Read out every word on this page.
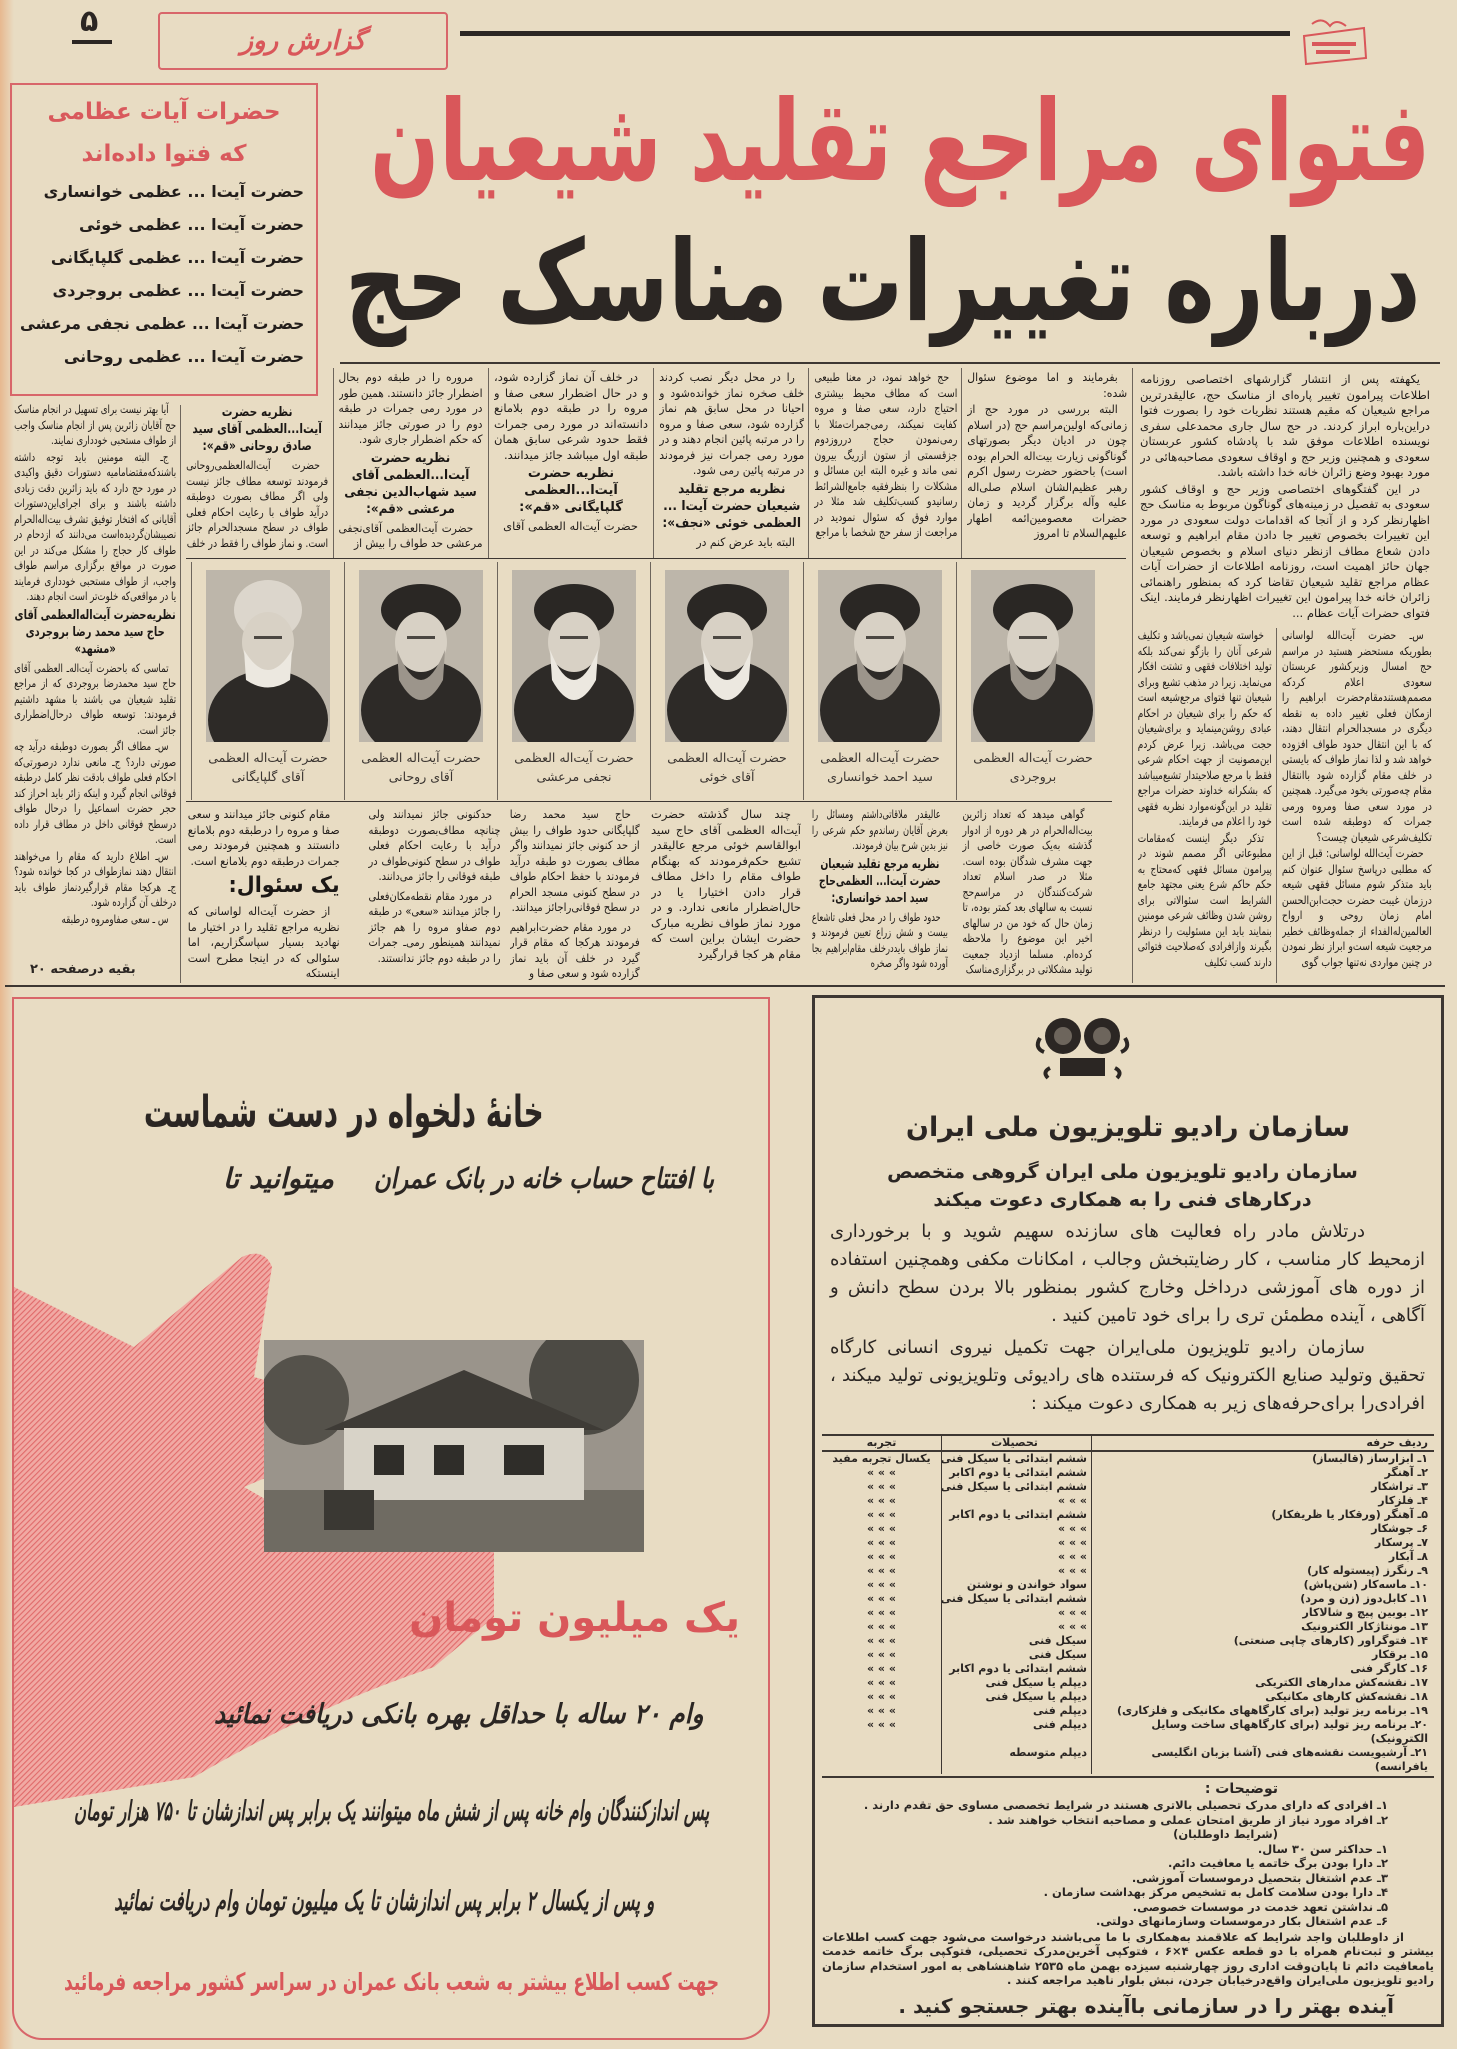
۵
گزارش روز
فتوای مراجع تقلید شیعیان
درباره تغییرات مناسک حج
حضرات آیات عظامی
که فتوا داده‌اند
حضرت آیت‌ا ... عظمی خوانساری
حضرت آیت‌ا ... عظمی خوئی
حضرت آیت‌ا ... عظمی گلپایگانی
حضرت آیت‌ا ... عظمی بروجردی
حضرت آیت‌ا ... عظمی نجفی مرعشی
حضرت آیت‌ا ... عظمی روحانی

یکهفته پس از انتشار گزارشهای اختصاصی روزنامه اطلاعات پیرامون تغییر پاره‌ای از مناسک حج، عالیقدرترین مراجع شیعیان که مقیم هستند نظریات خود را بصورت فتوا دراین‌باره ابراز کردند. در حج سال جاری محمدعلی سفری نویسنده اطلاعات موفق شد با پادشاه کشور عربستان سعودی و همچنین وزیر حج و اوقاف سعودی مصاحبه‌هائی در مورد بهبود وضع زائران خانه خدا داشته باشد.

در این گفتگوهای اختصاصی وزیر حج و اوقاف کشور سعودی به تفصیل در زمینه‌های گوناگون مربوط به مناسک حج اظهارنظر کرد و از آنجا که اقدامات دولت سعودی در مورد این تغییرات بخصوص تغییر جا دادن مقام ابراهیم و توسعه دادن شعاع مطاف ازنظر دنیای اسلام و بخصوص شیعیان جهان حائز اهمیت است، روزنامه اطلاعات از حضرات آیات عظام مراجع تقلید شیعیان تقاضا کرد که بمنظور راهنمائی زائران خانه خدا پیرامون این تغییرات اظهارنظر فرمایند. اینک فتوای حضرات آیات عظام ...

خواسته شیعیان نمی‌باشد و تکلیف شرعی آنان را بازگو نمی‌کند بلکه تولید اختلافات فقهی و تشتت افکار می‌نماید. زیرا در مذهب تشیع وبرای شیعیان تنها فتوای مرجع‌شیعه است که حکم را برای شیعیان در احکام عبادی روشن‌مینماید و برای‌شیعیان حجت می‌باشد. زیرا عرض کردم این‌مصونیت از جهت احکام شرعی فقط با مرجع صلاحیتدار تشیع‌میباشد که بشکرانه خداوند حضرات مراجع تقلید در این‌گونه‌موارد نظریه فقهی خود را اعلام می فرمایند.

تذکر دیگر اینست که‌مقامات مطبوعاتی اگر مصمم شوند در پیرامون مسائل فقهی که‌محتاج به حکم حاکم شرع یعنی مجتهد جامع الشرایط است سئوالاتی برای روشن شدن وظائف شرعی مومنین بنمایند باید این مسئولیت را درنظر بگیرند وازافرادی که‌صلاحیت فتوائی دارند کسب تکلیف

س‌ـ حضرت آیت‌الله لواسانی بطوریکه مستحضر هستید در مراسم حج امسال وزیرکشور عربستان سعودی اعلام کردکه مصمم‌هستندمقام‌حضرت ابراهیم را ازمکان فعلی تغییر داده به نقطه دیگری در مسجدالحرام انتقال دهند، که با این انتقال حدود طواف افزوده خواهد شد و لذا نماز طواف که بایستی در خلف مقام گزارده شود باانتقال مقام چه‌صورتی بخود می‌گیرد. همچنین در مورد سعی صفا ومروه ورمی جمرات که دوطبقه شده است تکلیف‌شرعی شیعیان چیست؟

حضرت آیت‌الله لواسانی: قبل از این که مطلبی درپاسخ سئوال عنوان کنم باید متذکر شوم مسائل فقهی شیعه درزمان غیبت حضرت حجت‌ابن‌الحسن امام زمان روحی و ارواح العالمین‌له‌الفداء از جمله‌وظائف خطیر مرجعیت شیعه است‌و ابراز نظر نمودن در چنین مواردی نه‌تنها جواب گوی

بفرمایند و اما موضوع سئوال شده:

البته بررسی در مورد حج از زمانی‌که اولین‌مراسم حج (در اسلام چون در ادیان دیگر بصورتهای گوناگونی زیارت بیت‌اله الحرام بوده است) باحضور حضرت رسول اکرم رهبر عظیم‌الشان اسلام صلی‌اله علیه وآله برگزار گردید و زمان حضرات معصومین‌ائمه اطهار علیهم‌السلام تا امروز

حج خواهد نمود، در معنا طبیعی است که مطاف محیط بیشتری احتیاج دارد، سعی صفا و مروه کفایت نمیکند، رمی‌جمرات‌مثلا با رمی‌نمودن حجاج درروزدوم جزقسمتی از ستون ازریگ بیرون نمی ماند و غیره البته این مسائل و مشکلات را بنظرفقیه جامع‌الشرائط رسانیدو کسب‌تکلیف شد مثلا در موارد فوق که سئوال نمودید در مراجعت از سفر حج شخصا با مراجع

را در محل دیگر نصب کردند خلف صخره نماز خوانده‌شود و احیانا در محل سابق هم نماز گزارده شود، سعی صفا و مروه را در مرتبه پائین انجام دهند و در مورد رمی جمرات نیز فرمودند در مرتبه پائین رمی شود.

نظریه مرجع تقلید شیعیان حضرت آیت‌ا ... العظمی خوئی «نجف»:

البته باید عرض کنم در

در خلف آن نماز گزارده شود، و در حال اضطرار سعی صفا و مروه را در طبقه دوم بلامانع دانسته‌اند در مورد رمی جمرات فقط حدود شرعی سابق همان طبقه اول میباشد جائز میدانند.

نظریه حضرت آیت‌ا...العظمی گلپایگانی «قم»:

حضرت آیت‌اله العظمی آقای

مروره را در طبقه دوم بحال اضطرار جائز دانستند. همین طور در مورد رمی جمرات در طبقه دوم را در صورتی جائز میدانند که حکم اضطرار جاری شود.

نظریه حضرت آیت‌ا...العظمی آقای سید شهاب‌الدین نجفی مرعشی «قم»:

حضرت آیت‌العظمی آقای‌نجفی مرعشی حد طواف را بیش از

نظریه حضرت آیت‌ا...العظمی آقای سید صادق روحانی «قم»:

حضرت آیت‌اله‌العظمی‌روحانی فرمودند توسعه مطاف جائز نیست ولی اگر مطاف بصورت دوطبقه درآید طواف با رعایت احکام فعلی طواف در سطح مسجدالحرام جائز است. و نماز طواف را فقط در خلف

آیا بهتر نیست برای تسهیل در انجام مناسک حج آقایان زائرین پس از انجام مناسک واجب از طواف مستحبی خودداری نمایند.

ج‌ـ البته مومنین باید توجه داشته باشندکه‌مقتضامامیه دستورات دقیق واکیدی در مورد حج دارد که باید زائرین دقت زیادی داشته باشند و برای اجرای‌این‌دستورات آقایانی که افتخار توفیق تشرف بیت‌اله‌الحرام نصیبشان‌گردیده‌است می‌دانند که ازدحام در طواف کار حجاج را مشکل می‌کند در این صورت در مواقع برگزاری مراسم طواف واجب، از طواف مستحبی خودداری فرمایند یا در مواقعی‌که خلوت‌تر است انجام دهند.

نظریه‌حضرت آیت‌اله‌العظمی آقای حاج سید محمد رضا بروجردی «مشهد»

تماسی که باحضرت آیت‌اله‌ـ العظمی آقای حاج سید محمدرضا بروجردی که از مراجع تقلید شیعیان می باشند با مشهد داشتیم فرمودند: توسعه طواف درحال‌اضطراری جائز است.

س‌ـ مطاف اگر بصورت دوطبقه درآید چه صورتی دارد؟ ج‌ـ مانعی ندارد درصورتی‌که احکام فعلی طواف بادقت نظر کامل درطبقه فوقانی انجام گیرد و اینکه زائر باید احراز کند حجر حضرت اسماعیل را درحال طواف درسطح فوقانی داخل در مطاف قرار داده است.

س‌ـ اطلاع دارید که مقام را می‌خواهند انتقال دهند نمازطواف در کجا خوانده شود؟ ج‌ـ هرکجا مقام قرارگیرد‌نماز طواف باید درخلف آن گزارده شود.

س ـ سعی صفاومروه درطبقه

بقیه درصفحه ۲۰
حضرت آیت‌اله العظمی
بروجردی
حضرت آیت‌اله العظمی
سید احمد خوانساری
حضرت آیت‌اله العظمی
آقای خوئی
حضرت آیت‌اله العظمی
نجفی مرعشی
حضرت آیت‌اله العظمی
آقای روحانی
حضرت آیت‌اله العظمی
آقای گلپایگانی

گواهی میدهد که تعداد زائرین بیت‌اله‌الحرام در هر دوره از ادوار گذشته به‌یک صورت خاصی از جهت مشرف شدگان بوده است. مثلا در صدر اسلام تعداد شرکت‌کنندگان در مراسم‌حج نسبت به سالهای بعد کمتر بوده، تا زمان حال که خود من در سالهای اخیر این موضوع را ملاحظه کرده‌ام. مسلما ازدیاد جمعیت تولید مشکلاتی در برگزاری‌مناسک

عالیقدر ملاقاتی‌داشتم ومسائل را بعرض آقایان رساندم‌و حکم شرعی را نیز بدین شرح بیان فرمودند.

نظریه مرجع تقلید شیعیان حضرت آیت‌ا... العظمی‌حاج سید احمد خوانساری:

حدود طواف را در محل فعلی تاشعاع بیست و شش زراع تعیین فرمودند و نماز طواف بایددرخلف مقام‌ابراهیم بجا آورده شود واگر صخره

چند سال گذشته حضرت آیت‌اله العظمی آقای حاج سید ابوالقاسم خوئی مرجع عالیقدر تشیع حکم‌فرمودند که بهنگام طواف مقام را داخل مطاف قرار دادن اختیارا یا در حال‌اضطرار مانعی ندارد. و در مورد نماز طواف نظریه مبارک حضرت ایشان براین است که مقام هر کجا قرارگیرد

حاج سید محمد رضا گلپایگانی حدود طواف را بیش از حد کنونی جائز نمیدانند واگر مطاف بصورت دو طبقه درآید فرمودند با حفظ احکام طواف در سطح کنونی مسجد الحرام در سطح فوقانی‌راجائز میدانند.

در مورد مقام حضرت‌ابراهیم فرمودند هرکجا که مقام قرار گیرد در خلف آن باید نماز گزارده شود و سعی صفا و

حدکنونی جائز نمیدانند ولی چنانچه مطاف‌بصورت دوطبقه درآید با رعایت احکام فعلی طواف در سطح کنونی‌طواف در طبقه فوقانی را جائز می‌دانند.

در مورد مقام نقطه‌مکان‌فعلی را جائز میدانند «سعی» در طبقه دوم صفاو مروه را هم جائز نمیدانند همینطور رمی‌ـ جمرات را در طبقه دوم جائز ندانستند.

مقام کنونی جائز میدانند و سعی صفا و مروه را درطبقه دوم بلامانع دانستند و همچنین فرمودند رمی جمرات درطبقه دوم بلامانع است.

یک سئوال:

از حضرت آیت‌اله لواسانی که نظریه مراجع تقلید را در اختیار ما نهادید بسیار سپاسگزاریم، اما سئوالی که در اینجا مطرح است اینستکه

خانهٔ دلخواه در دست شماست
با افتتاح حساب خانه در بانک عمران
میتوانید تا
یک میلیون تومان
وام ۲۰ ساله با حداقل بهره بانکی دریافت نمائید
پس اندازکنندگان وام خانه پس از شش ماه میتوانند یک برابر پس اندازشان تا ۷۵۰ هزار تومان
و پس از یکسال ۲ برابر پس اندازشان تا یک میلیون تومان وام دریافت نمائید
جهت کسب اطلاع بیشتر به شعب بانک عمران در سراسر کشور مراجعه فرمائید
سازمان رادیو تلویزیون ملی ایران
سازمان رادیو تلویزیون ملی ایران گروهی متخصص درکارهای فنی را به همکاری دعوت میکند
درتلاش مادر راه فعالیت های سازنده سهیم شوید و با برخورداری ازمحیط کار مناسب ، کار رضایتبخش وجالب ، امکانات مکفی وهمچنین استفاده از دوره های آموزشی درداخل وخارج کشور بمنظور بالا بردن سطح دانش و آگاهی ، آینده مطمئن تری را برای خود تامین کنید .
سازمان رادیو تلویزیون ملی‌ایران جهت تکمیل نیروی انسانی کارگاه تحقیق وتولید صنایع الکترونیک که فرستنده های رادیوئی وتلویزیونی تولید میکند ، افرادی‌را برای‌حرفه‌های زیر به همکاری دعوت میکند :
ردیف حرفه
تحصیلات
تجربه
۱ـ ابزارساز (قالبساز)
ششم ابتدائی یا سیکل فنی
یکسال تجربه مفید
۲ـ آهنگر
ششم ابتدائی یا دوم اکابر
» » »
۳ـ تراشکار
ششم ابتدائی یا سیکل فنی
» » »
۴ـ فلزکار
» » »
» » »
۵ـ آهنگر (ورقکار یا ظریفکار)
ششم ابتدائی یا دوم اکابر
» » »
۶ـ جوشکار
» » »
» » »
۷ـ پرسکار
» » »
» » »
۸ـ آبکار
» » »
» » »
۹ـ رنگرز (پیستوله کار)
» » »
» » »
۱۰ـ ماسه‌کار (شن‌پاش)
سواد خواندن و نوشتن
» » »
۱۱ـ کابل‌دوز (زن و مرد)
ششم ابتدائی یا سیکل فنی
» » »
۱۲ـ بوبین پیچ و شالاکار
» » »
» » »
۱۳ـ مونتاژکار الکترونیک
» » »
» » »
۱۴ـ فتوگراور (کارهای چاپی صنعتی)
سیکل فنی
» » »
۱۵ـ برقکار
سیکل فنی
» » »
۱۶ـ کارگر فنی
ششم ابتدائی یا دوم اکابر
» » »
۱۷ـ نقشه‌کش مدارهای الکتریکی
دیپلم یا سیکل فنی
» » »
۱۸ـ نقشه‌کش کارهای مکانیکی
دیپلم یا سیکل فنی
» » »
۱۹ـ برنامه ریز تولید (برای کارگاههای مکانیکی و فلزکاری)
دیپلم فنی
» » »
۲۰ـ برنامه ریز تولید (برای کارگاههای ساخت وسایل الکترونیک)
دیپلم فنی
» » »
۲۱ـ آرشیویست نقشه‌های فنی (آشنا بزبان انگلیسی یافرانسه)
دیپلم متوسطه
توضیحات :
۱ـ افرادی که دارای مدرک تحصیلی بالاتری هستند در شرایط تخصصی مساوی حق تقدم دارند .
۲ـ افراد مورد نیاز از طریق امتحان عملی و مصاحبه انتخاب خواهند شد .
(شرایط داوطلبان)
۱ـ حداکثر سن ۳۰ سال.
۲ـ دارا بودن برگ خاتمه یا معافیت دائم.
۳ـ عدم اشتغال بتحصیل درموسسات آموزشی.
۴ـ دارا بودن سلامت کامل به تشخیص مرکز بهداشت سازمان .
۵ـ نداشتن تعهد خدمت در موسسات خصوصی.
۶ـ عدم اشتغال بکار درموسسات وسازمانهای دولتی.
از داوطلبان واجد شرایط که علاقمند به‌همکاری با ما می‌باشند درخواست می‌شود جهت کسب اطلاعات بیشتر و ثبت‌نام همراه با دو قطعه عکس ۴×۶ ، فتوکپی آخرین‌مدرک تحصیلی، فتوکپی برگ خاتمه خدمت یامعافیت دائم تا پایان‌وقت اداری روز چهارشنبه سیزده بهمن ماه ۲۵۳۵ شاهنشاهی به امور استخدام سازمان رادیو تلویزیون ملی‌ایران واقع‌درخیابان جردن، نبش بلوار ناهید مراجعه کنند .
آینده بهتر را در سازمانی باآینده بهتر جستجو کنید .
